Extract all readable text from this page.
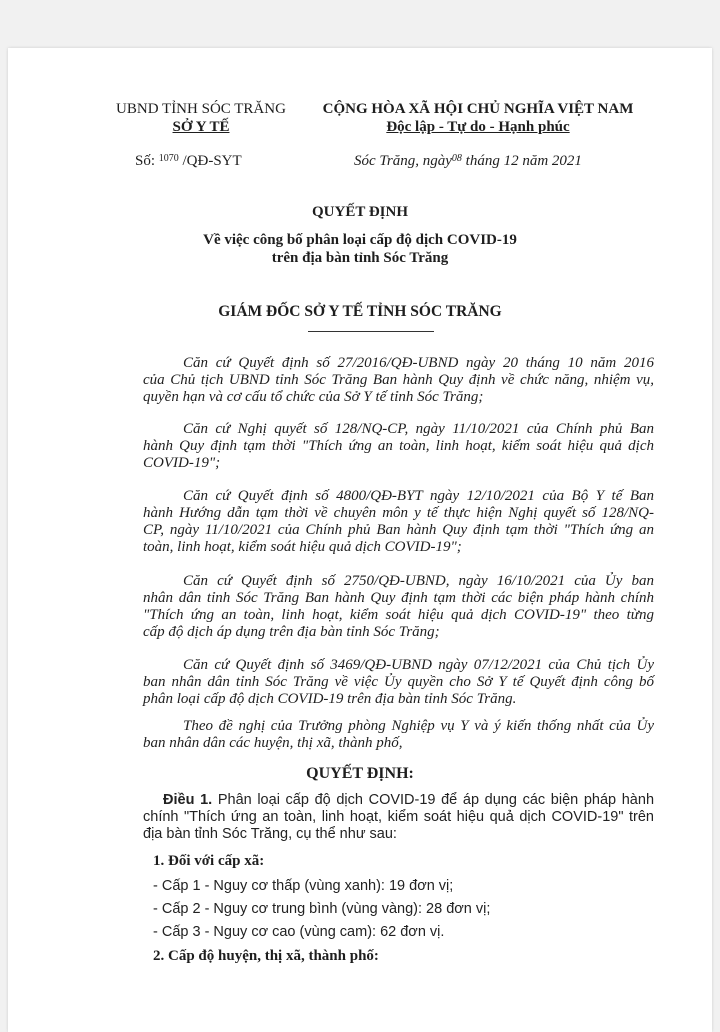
UBND TỈNH SÓC TRĂNG
SỞ Y TẾ
CỘNG HÒA XÃ HỘI CHỦ NGHĨA VIỆT NAM
Độc lập - Tự do - Hạnh phúc
Số: $^{1070}$ /QĐ-SYT	Sóc Trăng, ngày$^{08}$ tháng 12 năm 2021
QUYẾT ĐỊNH
Về việc công bố phân loại cấp độ dịch COVID-19
trên địa bàn tỉnh Sóc Trăng
GIÁM ĐỐC SỞ Y TẾ TỈNH SÓC TRĂNG
Căn cứ Quyết định số 27/2016/QĐ-UBND ngày 20 tháng 10 năm 2016
của Chủ tịch UBND tỉnh Sóc Trăng Ban hành Quy định về chức năng, nhiệm vụ,
quyền hạn và cơ cấu tổ chức của Sở Y tế tỉnh Sóc Trăng;
Căn cứ Nghị quyết số 128/NQ-CP, ngày 11/10/2021 của Chính phủ Ban
hành Quy định tạm thời "Thích ứng an toàn, linh hoạt, kiểm soát hiệu quả dịch
COVID-19";
Căn cứ Quyết định số 4800/QĐ-BYT ngày 12/10/2021 của Bộ Y tế Ban
hành Hướng dẫn tạm thời về chuyên môn y tế thực hiện Nghị quyết số 128/NQ-
CP, ngày 11/10/2021 của Chính phủ Ban hành Quy định tạm thời "Thích ứng an
toàn, linh hoạt, kiểm soát hiệu quả dịch COVID-19";
Căn cứ Quyết định số 2750/QĐ-UBND, ngày 16/10/2021 của Ủy ban
nhân dân tỉnh Sóc Trăng Ban hành Quy định tạm thời các biện pháp hành chính
"Thích ứng an toàn, linh hoạt, kiểm soát hiệu quả dịch COVID-19" theo từng
cấp độ dịch áp dụng trên địa bàn tỉnh Sóc Trăng;
Căn cứ Quyết định số 3469/QĐ-UBND ngày 07/12/2021 của Chủ tịch Ủy
ban nhân dân tỉnh Sóc Trăng về việc Ủy quyền cho Sở Y tế Quyết định công bố
phân loại cấp độ dịch COVID-19 trên địa bàn tỉnh Sóc Trăng.
Theo đề nghị của Trưởng phòng Nghiệp vụ Y và ý kiến thống nhất của Ủy
ban nhân dân các huyện, thị xã, thành phố,
QUYẾT ĐỊNH:
Điều 1. Phân loại cấp độ dịch COVID-19 để áp dụng các biện pháp hành
chính "Thích ứng an toàn, linh hoạt, kiểm soát hiệu quả dịch COVID-19" trên
địa bàn tỉnh Sóc Trăng, cụ thể như sau:
1. Đối với cấp xã:
- Cấp 1 - Nguy cơ thấp (vùng xanh): 19 đơn vị;
- Cấp 2 - Nguy cơ trung bình (vùng vàng): 28 đơn vị;
- Cấp 3 - Nguy cơ cao (vùng cam): 62 đơn vị.
2. Cấp độ huyện, thị xã, thành phố:
